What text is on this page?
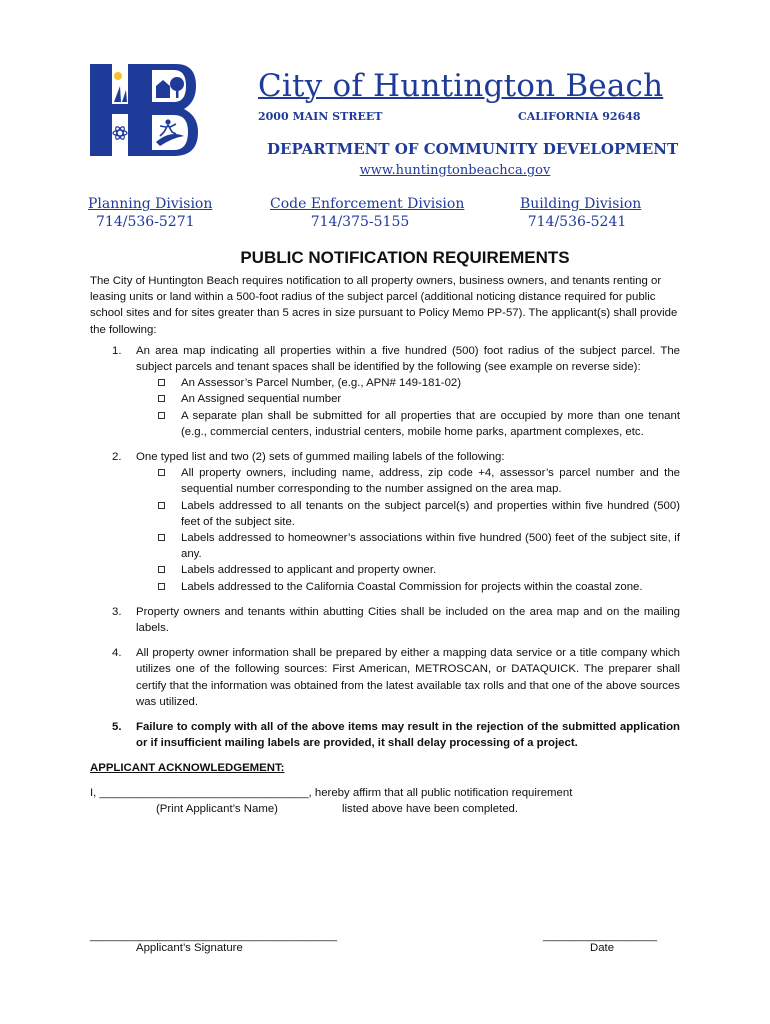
City of Huntington Beach
2000 MAIN STREET	CALIFORNIA 92648
DEPARTMENT OF COMMUNITY DEVELOPMENT
www.huntingtonbeachca.gov
Planning Division
714/536-5271
Code Enforcement Division
714/375-5155
Building Division
714/536-5241
PUBLIC NOTIFICATION REQUIREMENTS

The City of Huntington Beach requires notification to all property owners, business owners, and tenants renting or leasing units or land within a 500-foot radius of the subject parcel (additional noticing distance required for public school sites and for sites greater than 5 acres in size pursuant to Policy Memo PP-57). The applicant(s) shall provide the following:

1. An area map indicating all properties within a five hundred (500) foot radius of the subject parcel. The subject parcels and tenant spaces shall be identified by the following (see example on reverse side):
An Assessor’s Parcel Number, (e.g., APN# 149-181-02)
An Assigned sequential number
A separate plan shall be submitted for all properties that are occupied by more than one tenant (e.g., commercial centers, industrial centers, mobile home parks, apartment complexes, etc.
2. One typed list and two (2) sets of gummed mailing labels of the following:
All property owners, including name, address, zip code +4, assessor’s parcel number and the sequential number corresponding to the number assigned on the area map.
Labels addressed to all tenants on the subject parcel(s) and properties within five hundred (500) feet of the subject site.
Labels addressed to homeowner’s associations within five hundred (500) feet of the subject site, if any.
Labels addressed to applicant and property owner.
Labels addressed to the California Coastal Commission for projects within the coastal zone.
3. Property owners and tenants within abutting Cities shall be included on the area map and on the mailing labels.
4. All property owner information shall be prepared by either a mapping data service or a title company which utilizes one of the following sources: First American, METROSCAN, or DATAQUICK. The preparer shall certify that the information was obtained from the latest available tax rolls and that one of the above sources was utilized.
5. Failure to comply with all of the above items may result in the rejection of the submitted application or if insufficient mailing labels are provided, it shall delay processing of a project.
APPLICANT ACKNOWLEDGEMENT:
I, _________________________________, hereby affirm that all public notification requirement
(Print Applicant’s Name)	listed above have been completed.
_______________________________________	__________________
Applicant’s Signature	Date
